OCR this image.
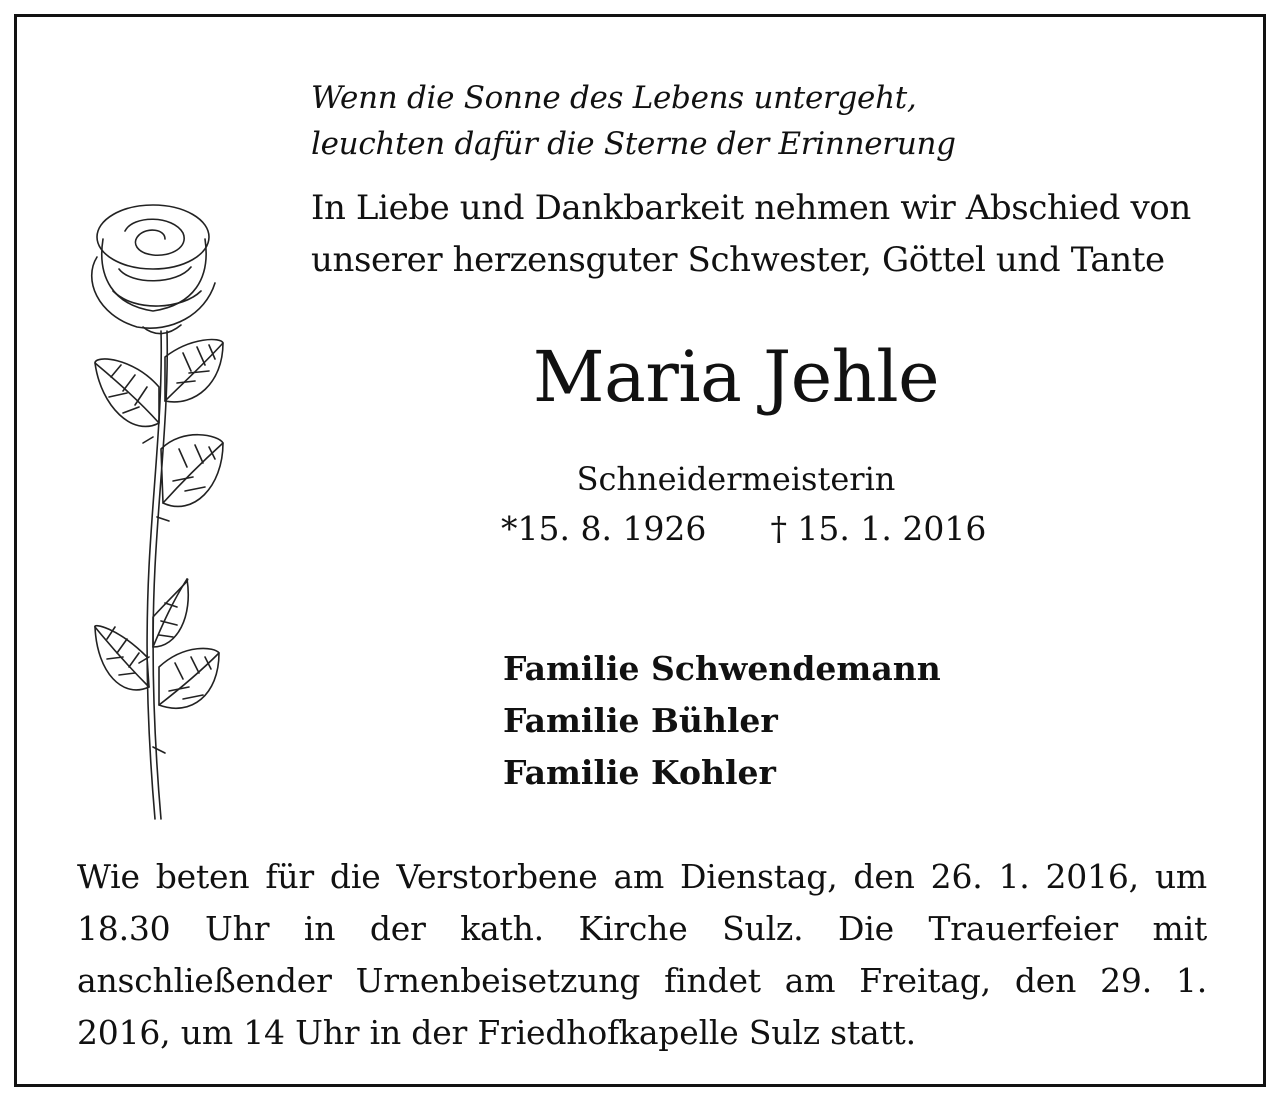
Wenn die Sonne des Lebens untergeht,
leuchten dafür die Sterne der Erinnerung
In Liebe und Dankbarkeit nehmen wir Abschied von
unserer herzensguter Schwester, Göttel und Tante
Maria Jehle
Schneidermeisterin
*15. 8. 1926 † 15. 1. 2016
Familie Schwendemann
Familie Bühler
Familie Kohler

Wie beten für die Verstorbene am Dienstag, den 26. 1. 2016, um 18.30 Uhr in der kath. Kirche Sulz. Die Trauerfeier mit anschließender Urnenbeisetzung findet am Freitag, den 29. 1. 2016, um 14 Uhr in der Friedhofkapelle Sulz statt.
